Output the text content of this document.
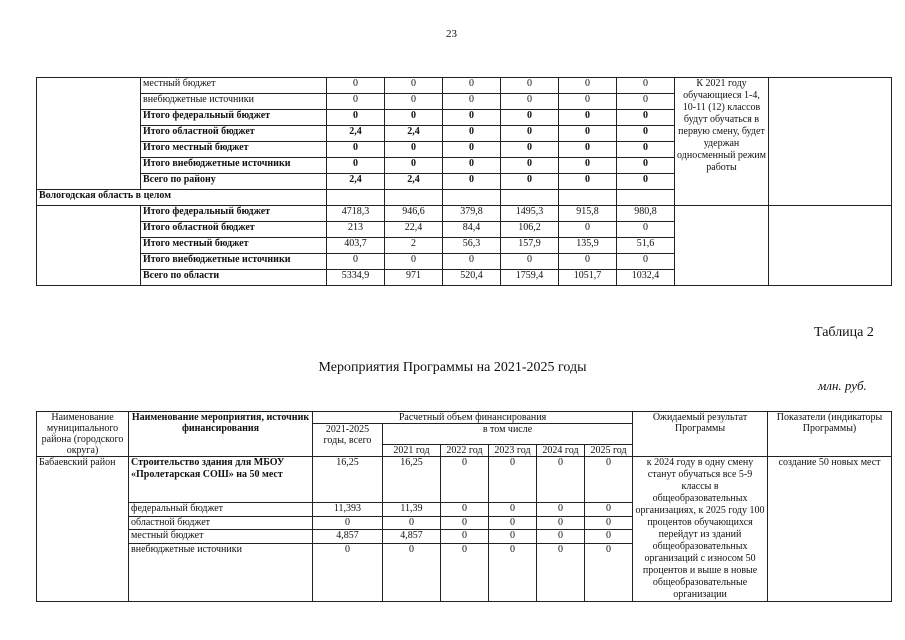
23
	местный бюджет	0	0	0	0	0	0	К 2021 году обучающиеся 1-4, 10-11 (12) классов будут обучаться в первую смену, будет удержан односменный режим работы	
	внебюджетные источники	0	0	0	0	0	0		
	Итого федеральный бюджет	0	0	0	0	0	0		
	Итого областной бюджет	2,4	2,4	0	0	0	0		
	Итого местный бюджет	0	0	0	0	0	0		
	Итого внебюджетные источники	0	0	0	0	0	0		
	Всего по району	2,4	2,4	0	0	0	0		
Вологодская область в целом									
	Итого федеральный бюджет	4718,3	946,6	379,8	1495,3	915,8	980,8		
	Итого областной бюджет	213	22,4	84,4	106,2	0	0		
	Итого местный бюджет	403,7	2	56,3	157,9	135,9	51,6		
	Итого внебюджетные источники	0	0	0	0	0	0		
	Всего по области	5334,9	971	520,4	1759,4	1051,7	1032,4		
Таблица 2
Мероприятия Программы на 2021-2025 годы
млн. руб.
Наименование муниципального района (городского округа)	Наименование мероприятия, источник финансирования	Расчетный объем финансирования						Ожидаемый результат Программы	Показатели (индикаторы Программы)
		2021-2025 годы, всего	в том числе						
			2021 год	2022 год	2023 год	2024 год	2025 год		
Бабаевский район	Строительство здания для МБОУ «Пролетарская СОШ» на 50 мест	16,25	16,25	0	0	0	0	к 2024 году в одну смену станут обучаться все 5-9 классы в общеобразовательных организациях, к 2025 году 100 процентов обучающихся перейдут из зданий общеобразовательных организаций с износом 50 процентов и выше в новые общеобразовательные организации	создание 50 новых мест
	федеральный бюджет	11,393	11,39	0	0	0	0		
	областной бюджет	0	0	0	0	0	0		
	местный бюджет	4,857	4,857	0	0	0	0		
	внебюджетные источники	0	0	0	0	0	0		
